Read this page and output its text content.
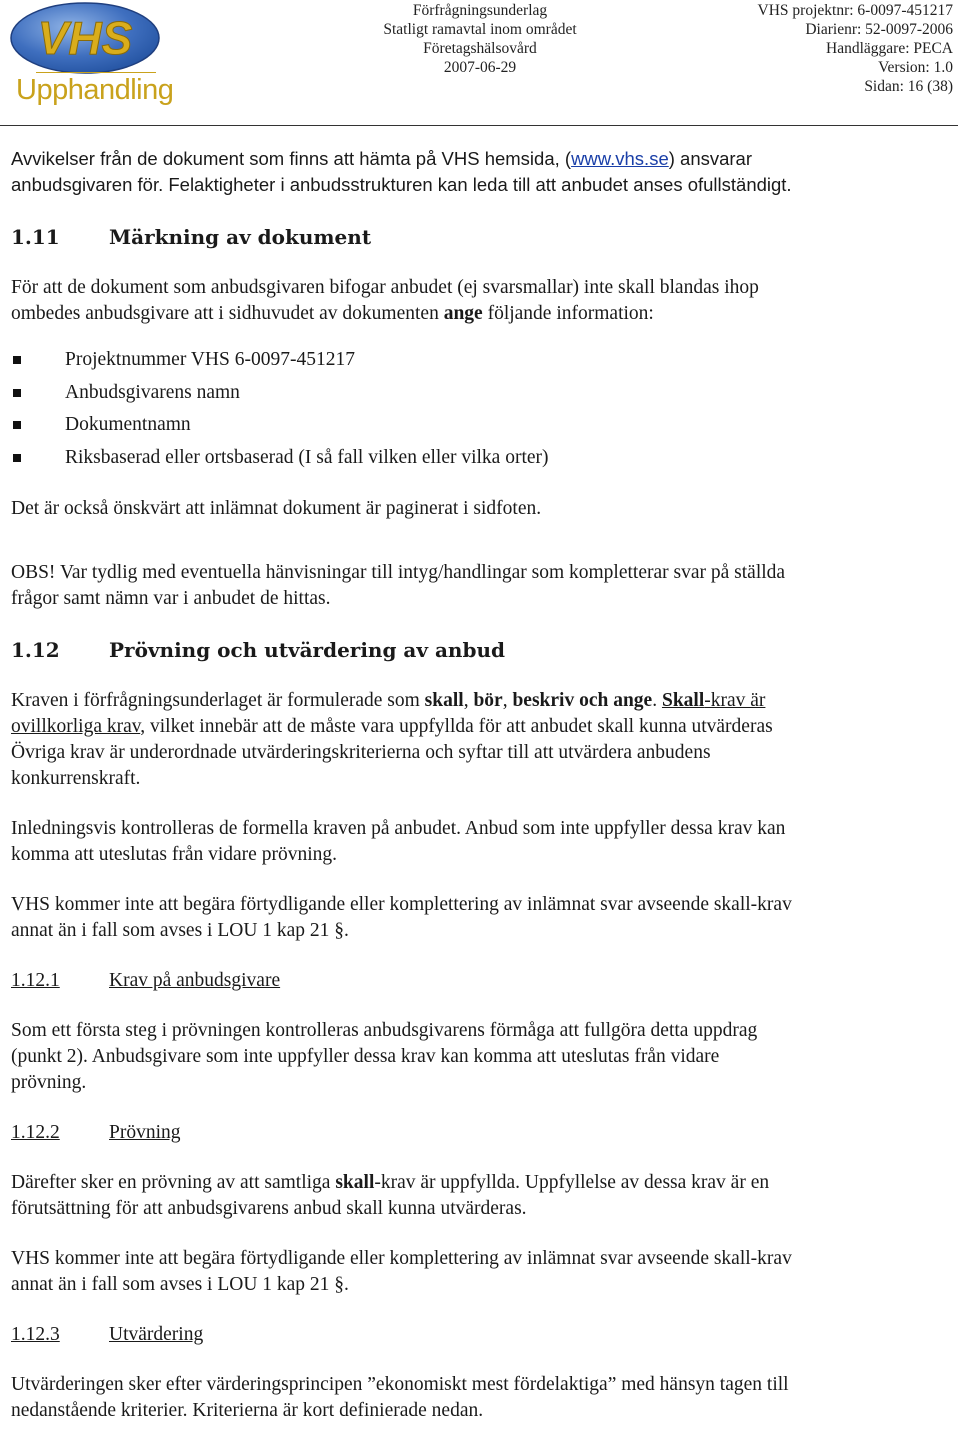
VHS
Upphandling
Förfrågningsunderlag
Statligt ramavtal inom området
Företagshälsovård
2007-06-29
VHS projektnr: 6-0097-451217
Diarienr: 52-0097-2006
Handläggare: PECA
Version: 1.0
Sidan: 16 (38)

Avvikelser från de dokument som finns att hämta på VHS hemsida, (www.vhs.se) ansvarar

anbudsgivaren för. Felaktigheter i anbudsstrukturen kan leda till att anbudet anses ofullständigt.

1.11 Märkning av dokument

För att de dokument som anbudsgivaren bifogar anbudet (ej svarsmallar) inte skall blandas ihop

ombedes anbudsgivare att i sidhuvudet av dokumenten ange följande information:

Projektnummer VHS 6-0097-451217
Anbudsgivarens namn
Dokumentnamn
Riksbaserad eller ortsbaserad (I så fall vilken eller vilka orter)

Det är också önskvärt att inlämnat dokument är paginerat i sidfoten.

OBS! Var tydlig med eventuella hänvisningar till intyg/handlingar som kompletterar svar på ställda

frågor samt nämn var i anbudet de hittas.

1.12 Prövning och utvärdering av anbud

Kraven i förfrågningsunderlaget är formulerade som skall, bör, beskriv och ange. Skall-krav är

ovillkorliga krav, vilket innebär att de måste vara uppfyllda för att anbudet skall kunna utvärderas

Övriga krav är underordnade utvärderingskriterierna och syftar till att utvärdera anbudens

konkurrenskraft.

Inledningsvis kontrolleras de formella kraven på anbudet. Anbud som inte uppfyller dessa krav kan

komma att uteslutas från vidare prövning.

VHS kommer inte att begära förtydligande eller komplettering av inlämnat svar avseende skall-krav

annat än i fall som avses i LOU 1 kap 21 §.

1.12.1	Krav på anbudsgivare

Som ett första steg i prövningen kontrolleras anbudsgivarens förmåga att fullgöra detta uppdrag

(punkt 2). Anbudsgivare som inte uppfyller dessa krav kan komma att uteslutas från vidare

prövning.

1.12.2	Prövning

Därefter sker en prövning av att samtliga skall-krav är uppfyllda. Uppfyllelse av dessa krav är en

förutsättning för att anbudsgivarens anbud skall kunna utvärderas.

VHS kommer inte att begära förtydligande eller komplettering av inlämnat svar avseende skall-krav

annat än i fall som avses i LOU 1 kap 21 §.

1.12.3	Utvärdering

Utvärderingen sker efter värderingsprincipen ”ekonomiskt mest fördelaktiga” med hänsyn tagen till

nedanstående kriterier. Kriterierna är kort definierade nedan.
